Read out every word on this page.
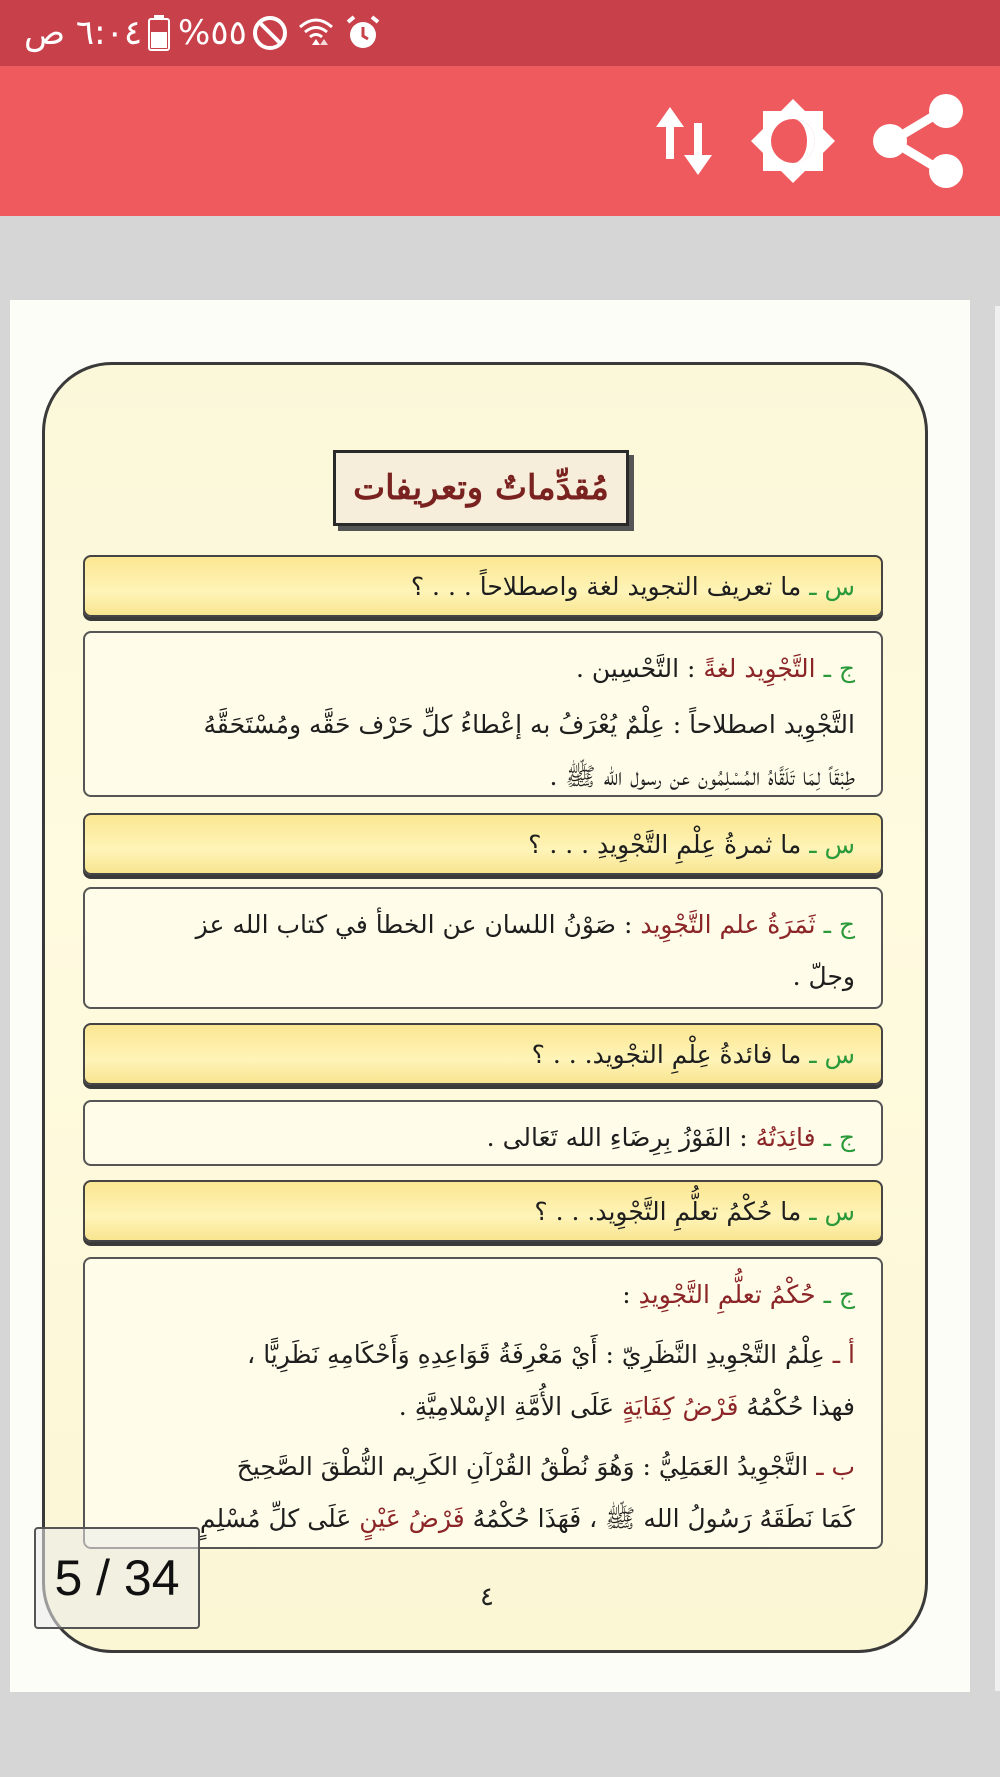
٦:٠٤ ص %٥٥
مُقدِّماتٌ وتعريفات
س ـ

ما تعريف التجويد لغة واصطلاحاً . . . ؟

ج ـ التَّجْوِيد لغةً : التَّحْسِين .

التَّجْوِيد اصطلاحاً : عِلْمٌ يُعْرَفُ به إعْطاءُ كلِّ حَرْف حَقَّه ومُسْتَحَقَّهُ

طِبْقَاً لِمَا تَلَقَّاهُ المُسْلِمُون عن رسول الله ﷺ .

س ـ

ما ثمرةُ عِلْمِ التَّجْوِيدِ . . . ؟

ج ـ ثَمَرَةُ علم التَّجْوِيد : صَوْنُ اللسان عن الخطأ في كتاب الله عز

وجلّ .

س ـ

ما فائدةُ عِلْمِ التجْويد. . . ؟

ج ـ فائِدَتُهُ : الفَوْزُ بِرِضَاءِ الله تَعَالى .

س ـ

ما حُكْمُ تعلُّمِ التَّجْوِيد. . . ؟

ج ـ حُكْمُ تعلُّمِ التَّجْوِيدِ :

أ ـ عِلْمُ التَّجْوِيدِ النَّظَرِيّ : أَيْ مَعْرِفَةُ قَوَاعِدِهِ وَأَحْكَامِهِ نَظَرِيًّا ،

فهذا حُكْمُهُ فَرْضُ كِفَايَةٍ عَلَى الأُمَّةِ الإسْلامِيَّةِ .

ب ـ التَّجْوِيدُ العَمَلِيُّ : وَهُوَ نُطْقُ القُرْآنِ الكَرِيم النُّطْقَ الصَّحِيحَ

كَمَا نَطَقَهُ رَسُولُ الله ﷺ ، فَهَذَا حُكْمُهُ فَرْضُ عَيْنٍ عَلَى كلِّ مُسْلِمٍ

٤
5 / 34
